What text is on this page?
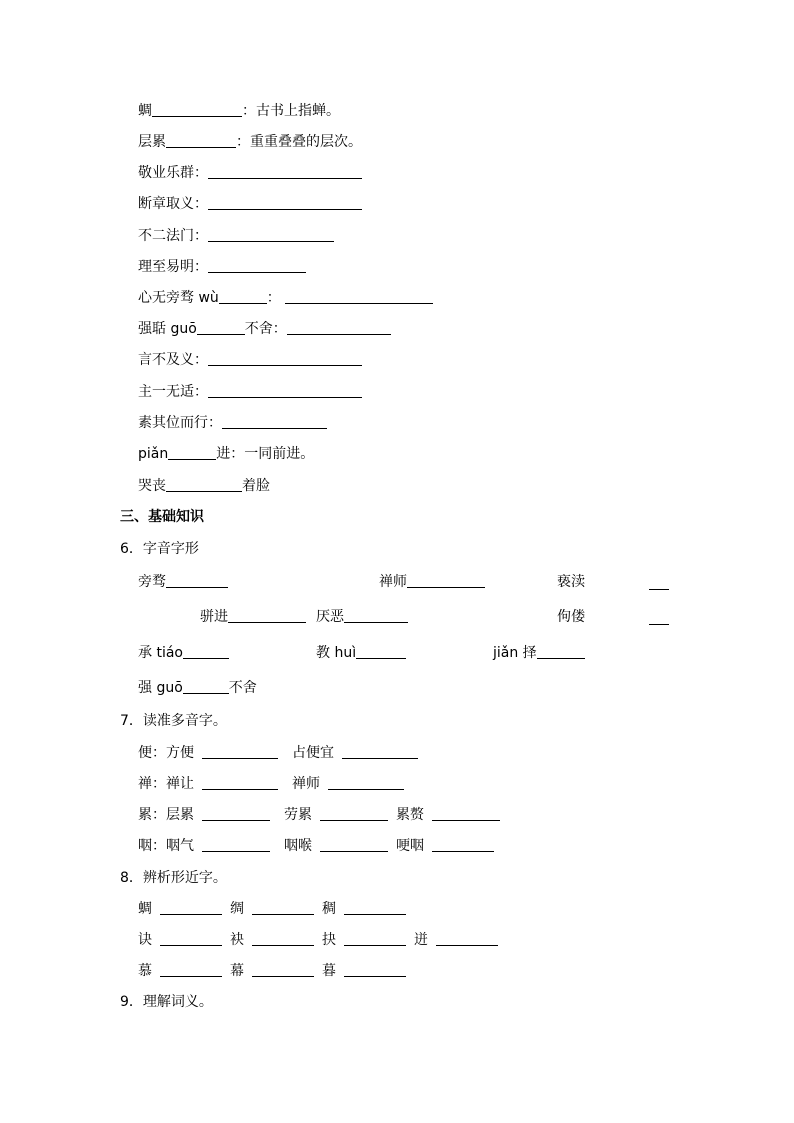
蜩	：古书上指蝉。
层累	：重重叠叠的层次。
敬业乐群：
断章取义：
不二法门：
理至易明：
心无旁骛 wù	：
强聒 guō	不舍：
言不及义：
主一无适：
素其位而行：
piǎn	进：一同前进。
哭丧	着脸
三、基础知识
6．字音字形
旁骛	禅师	亵渎
骈进	厌恶	佝偻
承 tiáo	教 huì	jiǎn 择
强 guō	不舍
7．读准多音字。
便：方便	占便宜
禅：禅让	禅师
累：层累	劳累	累赘
咽：咽气	咽喉	哽咽
8．辨析形近字。
蜩	绸	稠
诀	袂	抉	迸
慕	幕	暮
9．理解词义。
